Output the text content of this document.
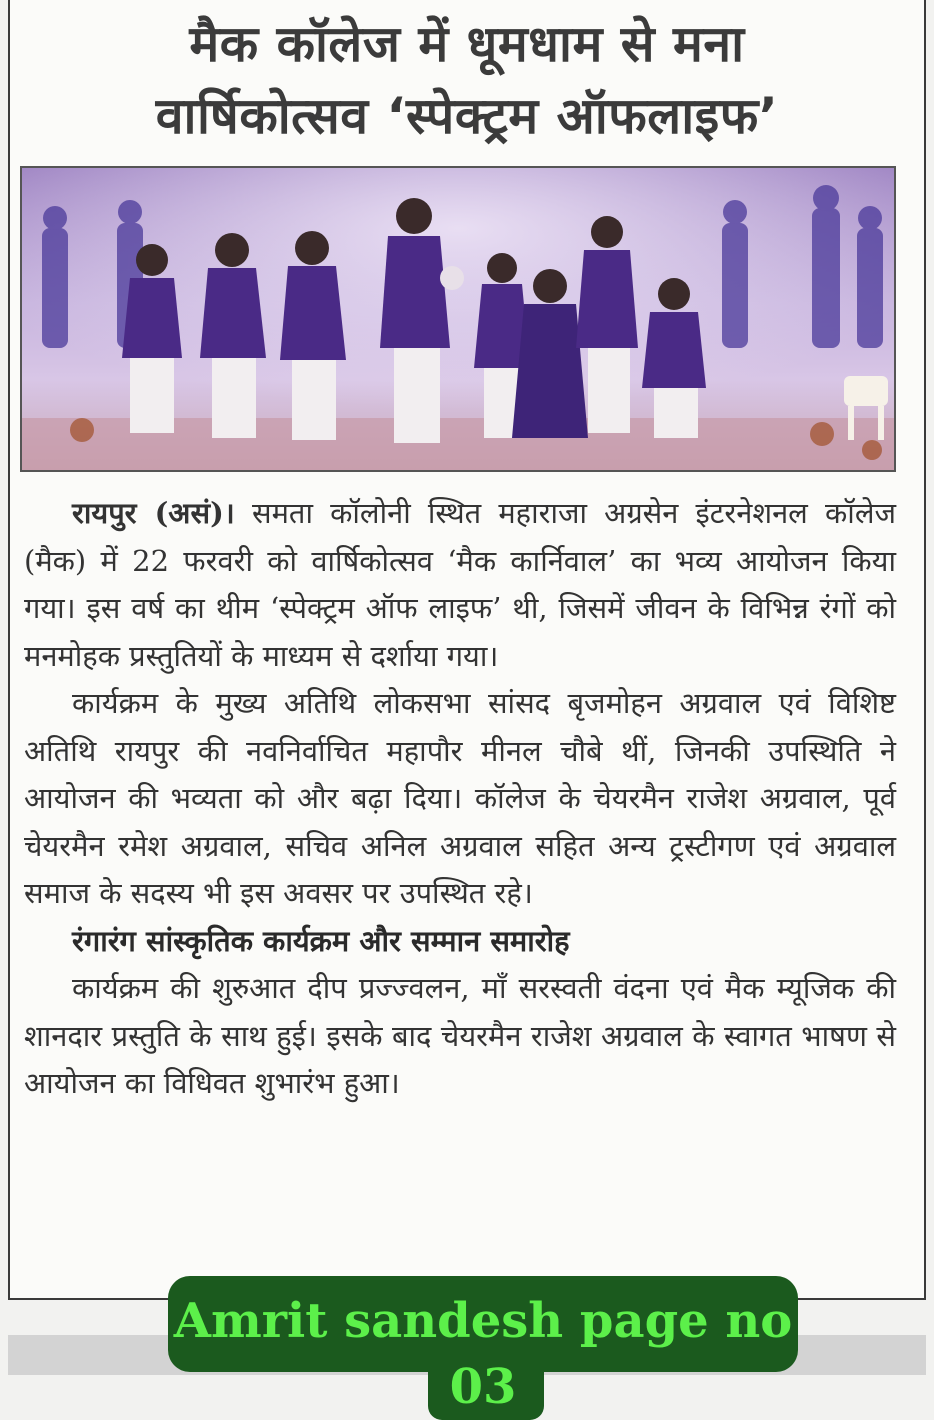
मैक कॉलेज में धूमधाम से मना
वार्षिकोत्सव ‘स्पेक्ट्रम ऑफलाइफ’

रायपुर (असं)। समता कॉलोनी स्थित महाराजा अग्रसेन इंटरनेशनल कॉलेज (मैक) में 22 फरवरी को वार्षिकोत्सव ‘मैक कार्निवाल’ का भव्य आयोजन किया गया। इस वर्ष का थीम ‘स्पेक्ट्रम ऑफ लाइफ’ थी, जिसमें जीवन के विभिन्न रंगों को मनमोहक प्रस्तुतियों के माध्यम से दर्शाया गया।

कार्यक्रम के मुख्य अतिथि लोकसभा सांसद बृजमोहन अग्रवाल एवं विशिष्ट अतिथि रायपुर की नवनिर्वाचित महापौर मीनल चौबे थीं, जिनकी उपस्थिति ने आयोजन की भव्यता को और बढ़ा दिया। कॉलेज के चेयरमैन राजेश अग्रवाल, पूर्व चेयरमैन रमेश अग्रवाल, सचिव अनिल अग्रवाल सहित अन्य ट्रस्टीगण एवं अग्रवाल समाज के सदस्य भी इस अवसर पर उपस्थित रहे।

रंगारंग सांस्कृतिक कार्यक्रम और सम्मान समारोह

कार्यक्रम की शुरुआत दीप प्रज्ज्वलन, माँ सरस्वती वंदना एवं मैक म्यूजिक की शानदार प्रस्तुति के साथ हुई। इसके बाद चेयरमैन राजेश अग्रवाल के स्वागत भाषण से आयोजन का विधिवत शुभारंभ हुआ।

Amrit sandesh page no
03
